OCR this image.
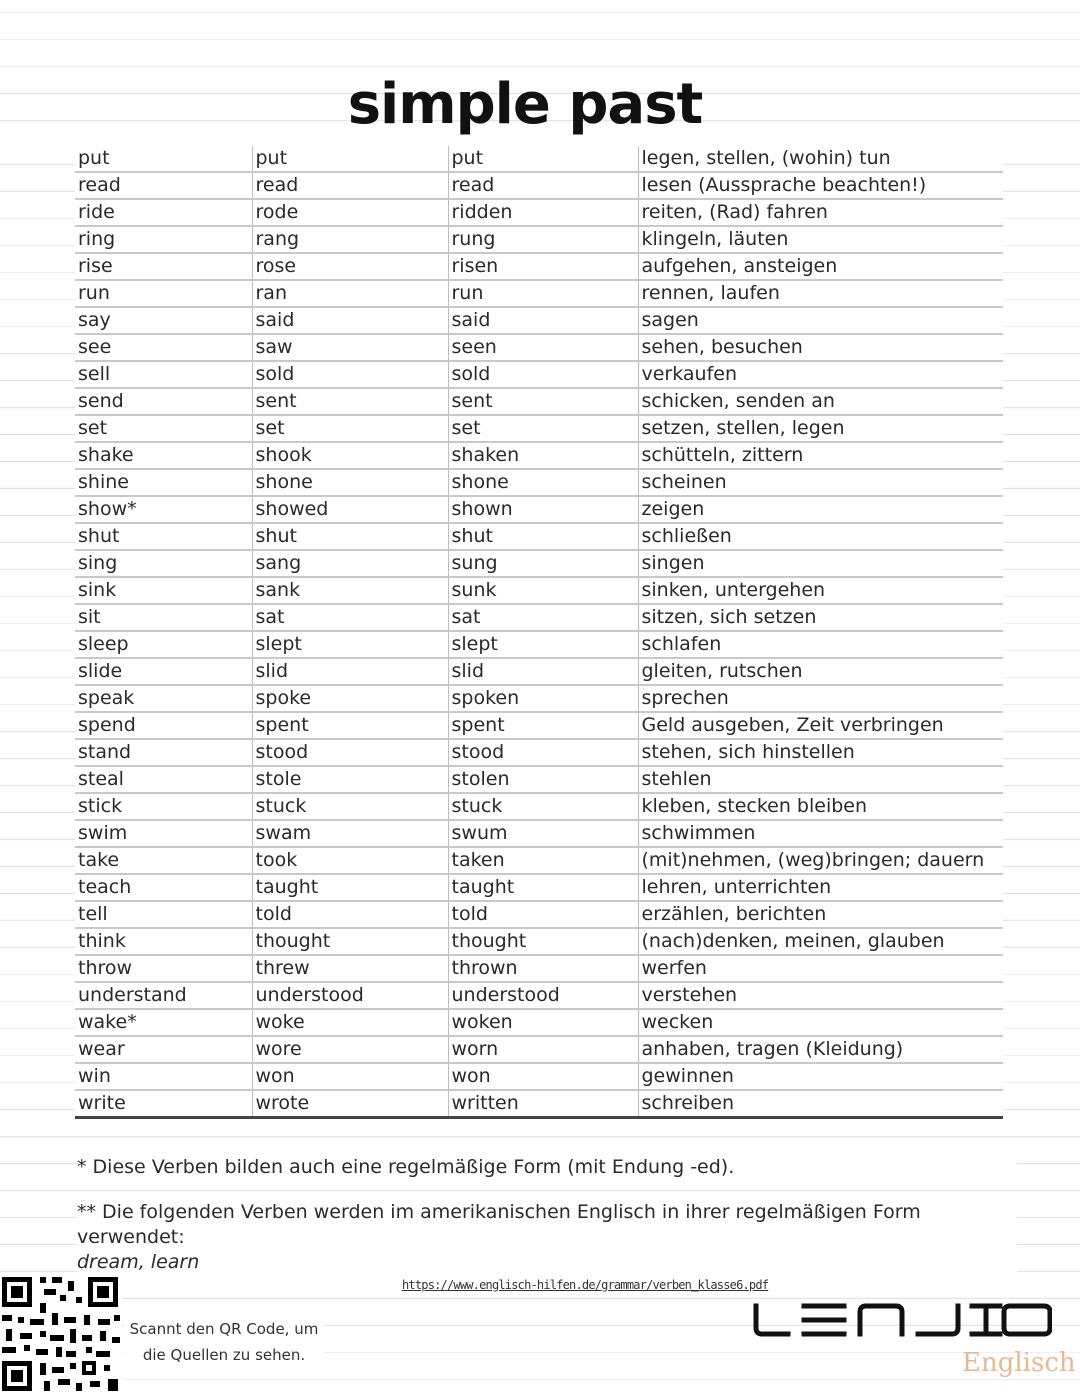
simple past
put	put	put	legen, stellen, (wohin) tun
read	read	read	lesen (Aussprache beachten!)
ride	rode	ridden	reiten, (Rad) fahren
ring	rang	rung	klingeln, läuten
rise	rose	risen	aufgehen, ansteigen
run	ran	run	rennen, laufen
say	said	said	sagen
see	saw	seen	sehen, besuchen
sell	sold	sold	verkaufen
send	sent	sent	schicken, senden an
set	set	set	setzen, stellen, legen
shake	shook	shaken	schütteln, zittern
shine	shone	shone	scheinen
show*	showed	shown	zeigen
shut	shut	shut	schließen
sing	sang	sung	singen
sink	sank	sunk	sinken, untergehen
sit	sat	sat	sitzen, sich setzen
sleep	slept	slept	schlafen
slide	slid	slid	gleiten, rutschen
speak	spoke	spoken	sprechen
spend	spent	spent	Geld ausgeben, Zeit verbringen
stand	stood	stood	stehen, sich hinstellen
steal	stole	stolen	stehlen
stick	stuck	stuck	kleben, stecken bleiben
swim	swam	swum	schwimmen
take	took	taken	(mit)nehmen, (weg)bringen; dauern
teach	taught	taught	lehren, unterrichten
tell	told	told	erzählen, berichten
think	thought	thought	(nach)denken, meinen, glauben
throw	threw	thrown	werfen
understand	understood	understood	verstehen
wake*	woke	woken	wecken
wear	wore	worn	anhaben, tragen (Kleidung)
win	won	won	gewinnen
write	wrote	written	schreiben
* Diese Verben bilden auch eine regelmäßige Form (mit Endung -ed).
** Die folgenden Verben werden im amerikanischen Englisch in ihrer regelmäßigen Form verwendet:
dream, learn
https://www.englisch-hilfen.de/grammar/verben_klasse6.pdf
Scannt den QR Code, um
die Quellen zu sehen.	Englisch
